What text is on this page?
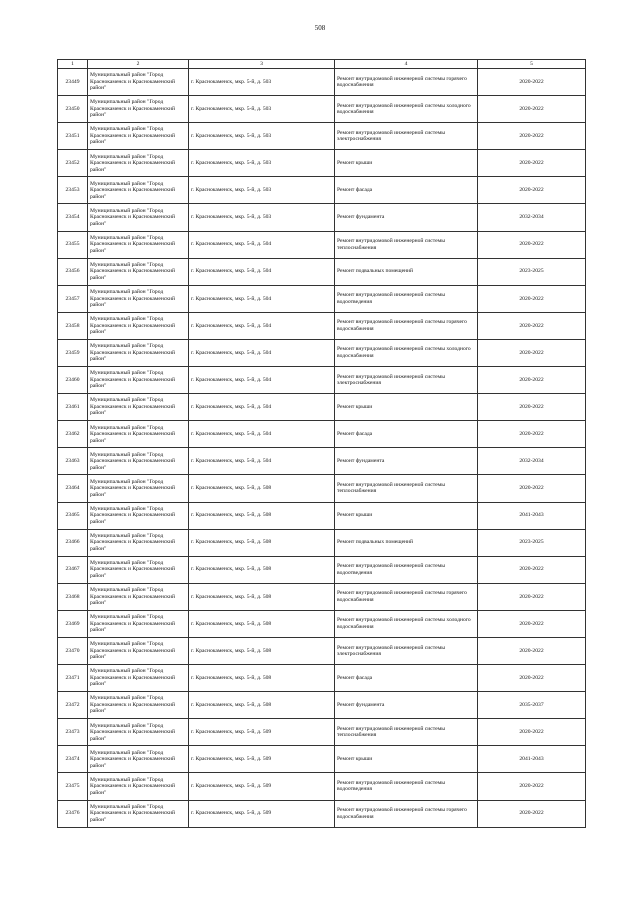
508
1	2	3	4	5
23449	Муниципальный район "Город Краснокаменск и Краснокаменский район"	г. Краснокаменск, мкр. 5-й, д. 503	Ремонт внутридомовой инженерной системы горячего водоснабжения	2020-2022
23450	Муниципальный район "Город Краснокаменск и Краснокаменский район"	г. Краснокаменск, мкр. 5-й, д. 503	Ремонт внутридомовой инженерной системы холодного водоснабжения	2020-2022
23451	Муниципальный район "Город Краснокаменск и Краснокаменский район"	г. Краснокаменск, мкр. 5-й, д. 503	Ремонт внутридомовой инженерной системы электроснабжения	2020-2022
23452	Муниципальный район "Город Краснокаменск и Краснокаменский район"	г. Краснокаменск, мкр. 5-й, д. 503	Ремонт крыши	2020-2022
23453	Муниципальный район "Город Краснокаменск и Краснокаменский район"	г. Краснокаменск, мкр. 5-й, д. 503	Ремонт фасада	2020-2022
23454	Муниципальный район "Город Краснокаменск и Краснокаменский район"	г. Краснокаменск, мкр. 5-й, д. 503	Ремонт фундамента	2032-2034
23455	Муниципальный район "Город Краснокаменск и Краснокаменский район"	г. Краснокаменск, мкр. 5-й, д. 504	Ремонт внутридомовой инженерной системы теплоснабжения	2020-2022
23456	Муниципальный район "Город Краснокаменск и Краснокаменский район"	г. Краснокаменск, мкр. 5-й, д. 504	Ремонт подвальных помещений	2023-2025
23457	Муниципальный район "Город Краснокаменск и Краснокаменский район"	г. Краснокаменск, мкр. 5-й, д. 504	Ремонт внутридомовой инженерной системы водоотведения	2020-2022
23458	Муниципальный район "Город Краснокаменск и Краснокаменский район"	г. Краснокаменск, мкр. 5-й, д. 504	Ремонт внутридомовой инженерной системы горячего водоснабжения	2020-2022
23459	Муниципальный район "Город Краснокаменск и Краснокаменский район"	г. Краснокаменск, мкр. 5-й, д. 504	Ремонт внутридомовой инженерной системы холодного водоснабжения	2020-2022
23460	Муниципальный район "Город Краснокаменск и Краснокаменский район"	г. Краснокаменск, мкр. 5-й, д. 504	Ремонт внутридомовой инженерной системы электроснабжения	2020-2022
23461	Муниципальный район "Город Краснокаменск и Краснокаменский район"	г. Краснокаменск, мкр. 5-й, д. 504	Ремонт крыши	2020-2022
23462	Муниципальный район "Город Краснокаменск и Краснокаменский район"	г. Краснокаменск, мкр. 5-й, д. 504	Ремонт фасада	2020-2022
23463	Муниципальный район "Город Краснокаменск и Краснокаменский район"	г. Краснокаменск, мкр. 5-й, д. 504	Ремонт фундамента	2032-2034
23464	Муниципальный район "Город Краснокаменск и Краснокаменский район"	г. Краснокаменск, мкр. 5-й, д. 508	Ремонт внутридомовой инженерной системы теплоснабжения	2020-2022
23465	Муниципальный район "Город Краснокаменск и Краснокаменский район"	г. Краснокаменск, мкр. 5-й, д. 508	Ремонт крыши	2041-2043
23466	Муниципальный район "Город Краснокаменск и Краснокаменский район"	г. Краснокаменск, мкр. 5-й, д. 508	Ремонт подвальных помещений	2023-2025
23467	Муниципальный район "Город Краснокаменск и Краснокаменский район"	г. Краснокаменск, мкр. 5-й, д. 508	Ремонт внутридомовой инженерной системы водоотведения	2020-2022
23468	Муниципальный район "Город Краснокаменск и Краснокаменский район"	г. Краснокаменск, мкр. 5-й, д. 508	Ремонт внутридомовой инженерной системы горячего водоснабжения	2020-2022
23469	Муниципальный район "Город Краснокаменск и Краснокаменский район"	г. Краснокаменск, мкр. 5-й, д. 508	Ремонт внутридомовой инженерной системы холодного водоснабжения	2020-2022
23470	Муниципальный район "Город Краснокаменск и Краснокаменский район"	г. Краснокаменск, мкр. 5-й, д. 508	Ремонт внутридомовой инженерной системы электроснабжения	2020-2022
23471	Муниципальный район "Город Краснокаменск и Краснокаменский район"	г. Краснокаменск, мкр. 5-й, д. 508	Ремонт фасада	2020-2022
23472	Муниципальный район "Город Краснокаменск и Краснокаменский район"	г. Краснокаменск, мкр. 5-й, д. 508	Ремонт фундамента	2035-2037
23473	Муниципальный район "Город Краснокаменск и Краснокаменский район"	г. Краснокаменск, мкр. 5-й, д. 509	Ремонт внутридомовой инженерной системы теплоснабжения	2020-2022
23474	Муниципальный район "Город Краснокаменск и Краснокаменский район"	г. Краснокаменск, мкр. 5-й, д. 509	Ремонт крыши	2041-2043
23475	Муниципальный район "Город Краснокаменск и Краснокаменский район"	г. Краснокаменск, мкр. 5-й, д. 509	Ремонт внутридомовой инженерной системы водоотведения	2020-2022
23476	Муниципальный район "Город Краснокаменск и Краснокаменский район"	г. Краснокаменск, мкр. 5-й, д. 509	Ремонт внутридомовой инженерной системы горячего водоснабжения	2020-2022
